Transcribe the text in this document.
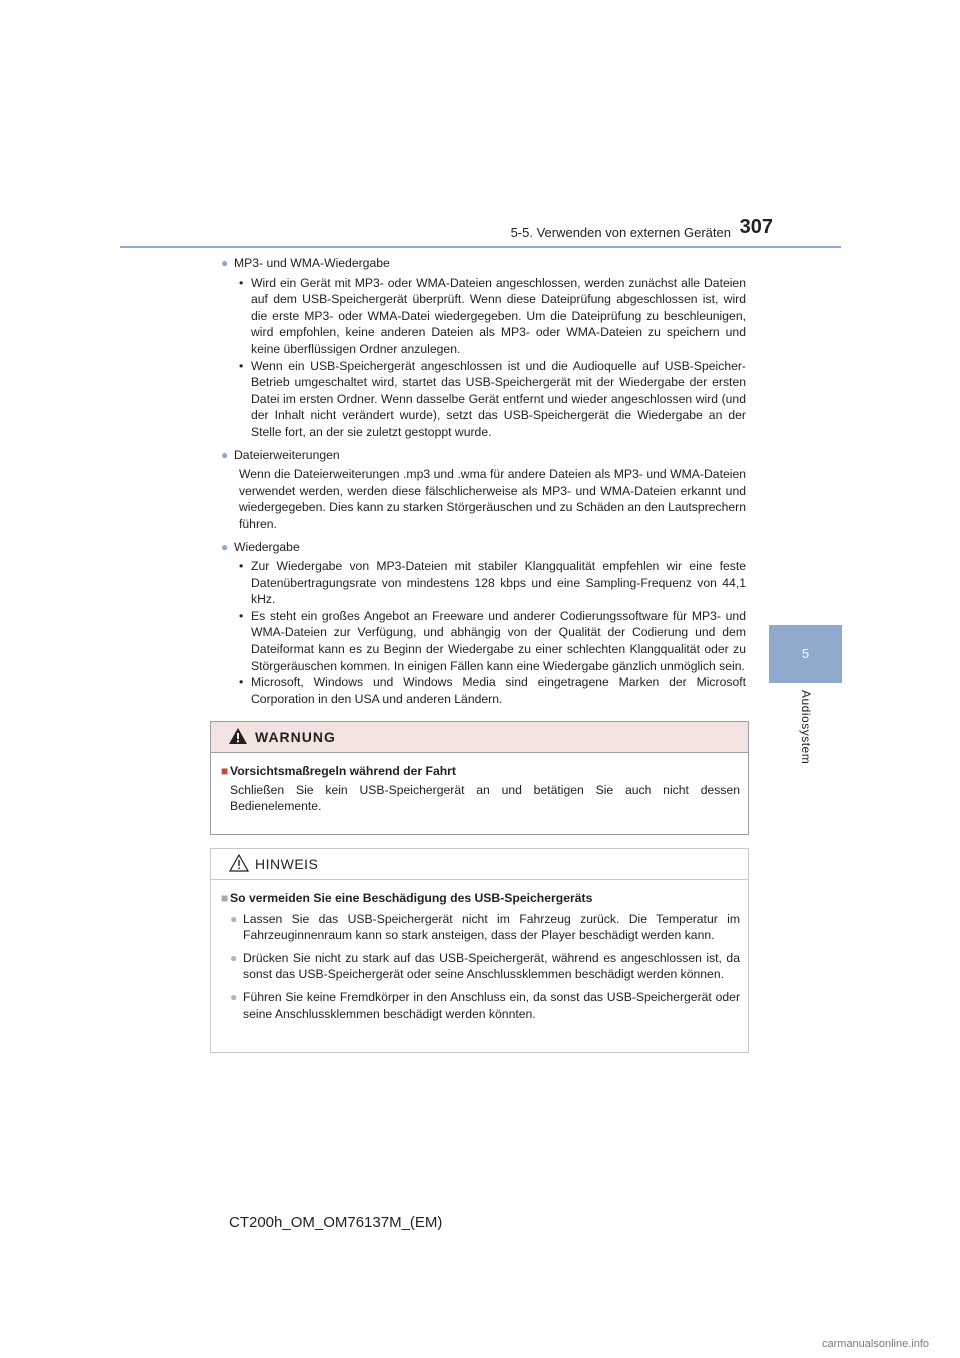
5-5. Verwenden von externen Geräten 307
5
Audiosystem
● MP3- und WMA-Wiedergabe
• Wird ein Gerät mit MP3- oder WMA-Dateien angeschlossen, werden zunächst alle Dateien auf dem USB-Speichergerät überprüft. Wenn diese Dateiprüfung abgeschlossen ist, wird die erste MP3- oder WMA-Datei wiedergegeben. Um die Dateiprüfung zu beschleunigen, wird empfohlen, keine anderen Dateien als MP3- oder WMA-Dateien zu speichern und keine überflüssigen Ordner anzulegen.
• Wenn ein USB-Speichergerät angeschlossen ist und die Audioquelle auf USB-Speicher-Betrieb umgeschaltet wird, startet das USB-Speichergerät mit der Wiedergabe der ersten Datei im ersten Ordner. Wenn dasselbe Gerät entfernt und wieder angeschlossen wird (und der Inhalt nicht verändert wurde), setzt das USB-Speichergerät die Wiedergabe an der Stelle fort, an der sie zuletzt gestoppt wurde.
● Dateierweiterungen
Wenn die Dateierweiterungen .mp3 und .wma für andere Dateien als MP3- und WMA-Dateien verwendet werden, werden diese fälschlicherweise als MP3- und WMA-Dateien erkannt und wiedergegeben. Dies kann zu starken Störgeräuschen und zu Schäden an den Lautsprechern führen.
● Wiedergabe
• Zur Wiedergabe von MP3-Dateien mit stabiler Klangqualität empfehlen wir eine feste Datenübertragungsrate von mindestens 128 kbps und eine Sampling-Frequenz von 44,1 kHz.
• Es steht ein großes Angebot an Freeware und anderer Codierungssoftware für MP3- und WMA-Dateien zur Verfügung, und abhängig von der Qualität der Codierung und dem Dateiformat kann es zu Beginn der Wiedergabe zu einer schlechten Klangqualität oder zu Störgeräuschen kommen. In einigen Fällen kann eine Wiedergabe gänzlich unmöglich sein.
• Microsoft, Windows und Windows Media sind eingetragene Marken der Microsoft Corporation in den USA und anderen Ländern.
WARNUNG
■ Vorsichtsmaßregeln während der Fahrt
Schließen Sie kein USB-Speichergerät an und betätigen Sie auch nicht dessen Bedienelemente.
HINWEIS
■ So vermeiden Sie eine Beschädigung des USB-Speichergeräts
● Lassen Sie das USB-Speichergerät nicht im Fahrzeug zurück. Die Temperatur im Fahrzeuginnenraum kann so stark ansteigen, dass der Player beschädigt werden kann.
● Drücken Sie nicht zu stark auf das USB-Speichergerät, während es angeschlossen ist, da sonst das USB-Speichergerät oder seine Anschlussklemmen beschädigt werden können.
● Führen Sie keine Fremdkörper in den Anschluss ein, da sonst das USB-Speichergerät oder seine Anschlussklemmen beschädigt werden könnten.
CT200h_OM_OM76137M_(EM)
carmanualsonline.info
